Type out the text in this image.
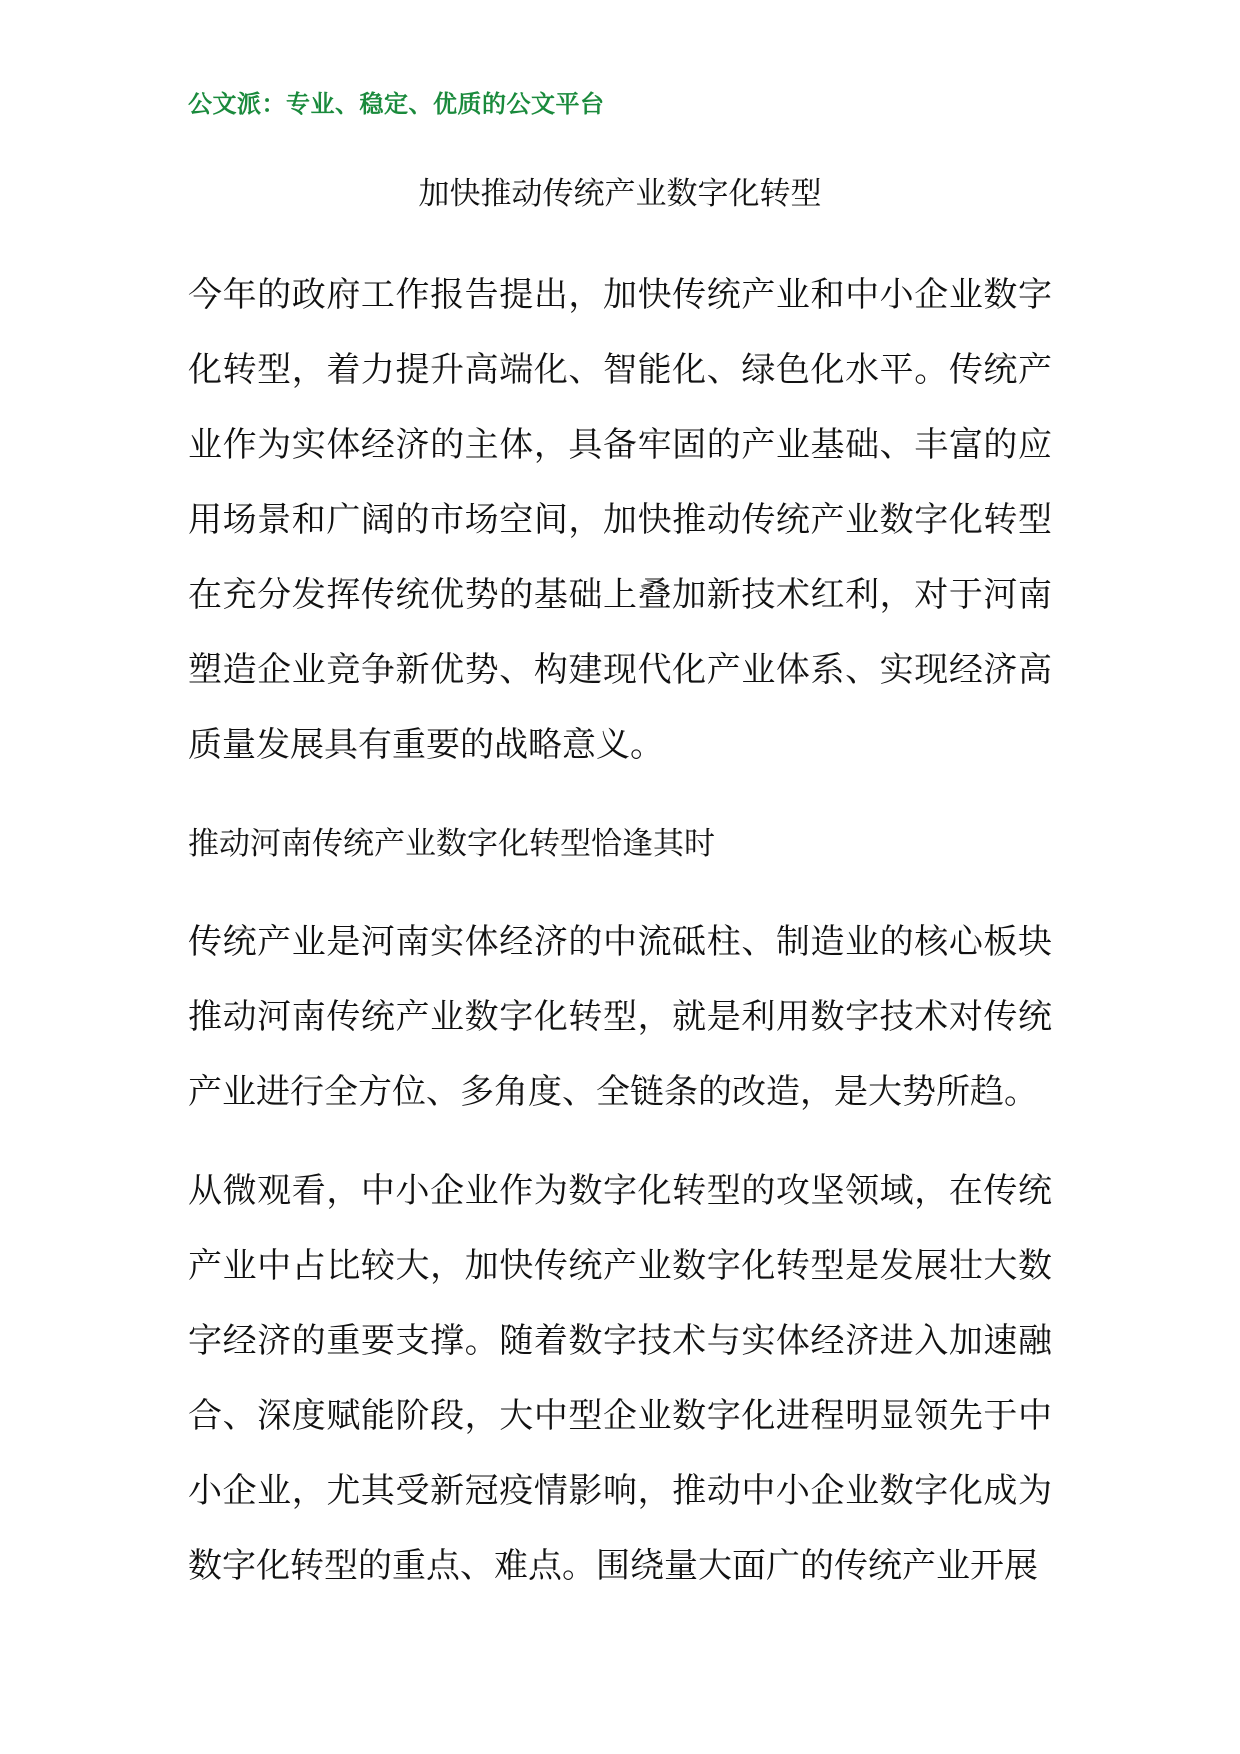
公文派：专业、稳定、优质的公文平台
加快推动传统产业数字化转型

今年的政府工作报告提出，加快传统产业和中小企业数字化转型，着力提升高端化、智能化、绿色化水平。传统产业作为实体经济的主体，具备牢固的产业基础、丰富的应用场景和广阔的市场空间，加快推动传统产业数字化转型在充分发挥传统优势的基础上叠加新技术红利，对于河南塑造企业竞争新优势、构建现代化产业体系、实现经济高质量发展具有重要的战略意义。

推动河南传统产业数字化转型恰逢其时

传统产业是河南实体经济的中流砥柱、制造业的核心板块推动河南传统产业数字化转型，就是利用数字技术对传统产业进行全方位、多角度、全链条的改造，是大势所趋。

从微观看，中小企业作为数字化转型的攻坚领域，在传统产业中占比较大，加快传统产业数字化转型是发展壮大数字经济的重要支撑。随着数字技术与实体经济进入加速融合、深度赋能阶段，大中型企业数字化进程明显领先于中小企业，尤其受新冠疫情影响，推动中小企业数字化成为数字化转型的重点、难点。围绕量大面广的传统产业开展
